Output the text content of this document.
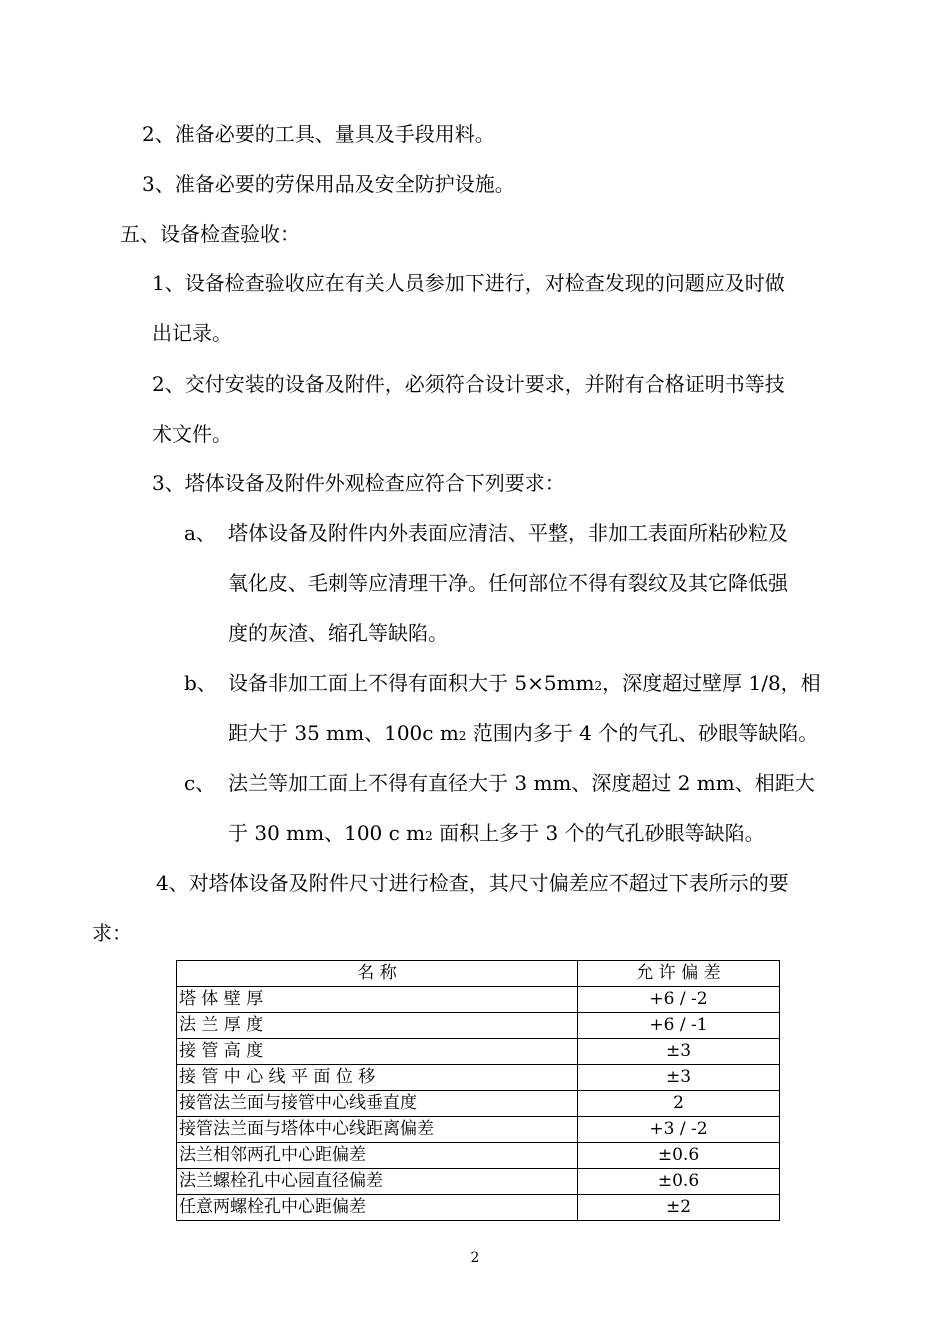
2、准备必要的工具、量具及手段用料。
3、准备必要的劳保用品及安全防护设施。
五、设备检查验收：
1、设备检查验收应在有关人员参加下进行，对检查发现的问题应及时做
出记录。
2、交付安装的设备及附件，必须符合设计要求，并附有合格证明书等技
术文件。
3、塔体设备及附件外观检查应符合下列要求：
a、 塔体设备及附件内外表面应清洁、平整，非加工表面所粘砂粒及
氧化皮、毛刺等应清理干净。任何部位不得有裂纹及其它降低强
度的灰渣、缩孔等缺陷。
b、 设备非加工面上不得有面积大于 5×5mm2，深度超过壁厚 1/8，相
距大于 35 mm、100c m2 范围内多于 4 个的气孔、砂眼等缺陷。
c、 法兰等加工面上不得有直径大于 3 mm、深度超过 2 mm、相距大
于 30 mm、100 c m2 面积上多于 3 个的气孔砂眼等缺陷。
4、对塔体设备及附件尺寸进行检查，其尺寸偏差应不超过下表所示的要
求：
名 称	允 许 偏 差
塔 体 壁 厚	+6 / -2
法 兰 厚 度	+6 / -1
接 管 高 度	±3
接 管 中 心 线 平 面 位 移	±3
接管法兰面与接管中心线垂直度	2
接管法兰面与塔体中心线距离偏差	+3 / -2
法兰相邻两孔中心距偏差	±0.6
法兰螺栓孔中心园直径偏差	±0.6
任意两螺栓孔中心距偏差	±2
2
